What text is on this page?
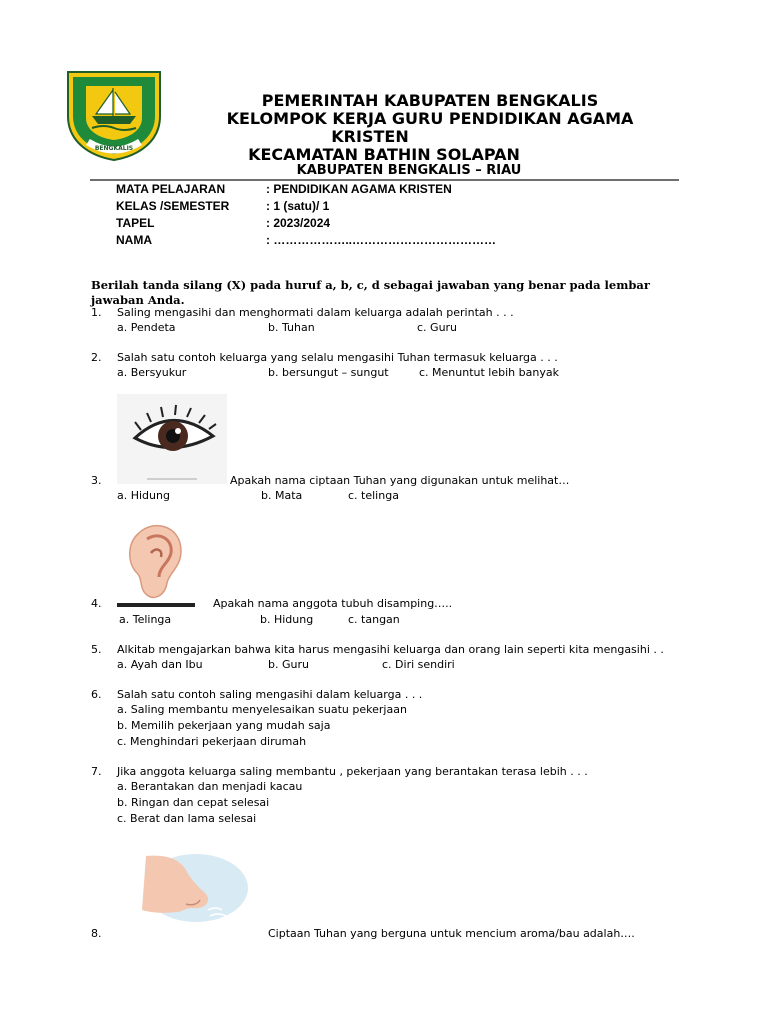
BENGKALIS
PEMERINTAH KABUPATEN BENGKALIS
KELOMPOK KERJA GURU PENDIDIKAN AGAMA
KRISTEN
KECAMATAN BATHIN SOLAPAN
KABUPATEN BENGKALIS – RIAU
MATA PELAJARAN	: PENDIDIKAN AGAMA KRISTEN
KELAS /SEMESTER	: 1 (satu)/ 1
TAPEL	: 2023/2024
NAMA	: ………………..………………………………
Berilah tanda silang (X) pada huruf a, b, c, d sebagai jawaban yang benar pada lembar jawaban Anda.
1. Saling mengasihi dan menghormati dalam keluarga adalah perintah . . .
a. Pendeta	b. Tuhan	c. Guru
2. Salah satu contoh keluarga yang selalu mengasihi Tuhan termasuk keluarga . . .
a. Bersyukur	b. bersungut – sungut	c. Menuntut lebih banyak
3.	Apakah nama ciptaan Tuhan yang digunakan untuk melihat…
a. Hidung	b. Mata	c. telinga
4.	Apakah nama anggota tubuh disamping…..
a. Telinga	b. Hidung	c. tangan
5. Alkitab mengajarkan bahwa kita harus mengasihi keluarga dan orang lain seperti kita mengasihi . .
a. Ayah dan Ibu	b. Guru	c. Diri sendiri
6. Salah satu contoh saling mengasihi dalam keluarga . . .
a. Saling membantu menyelesaikan suatu pekerjaan
b. Memilih pekerjaan yang mudah saja
c. Menghindari pekerjaan dirumah
7. Jika anggota keluarga saling membantu , pekerjaan yang berantakan terasa lebih . . .
a. Berantakan dan menjadi kacau
b. Ringan dan cepat selesai
c. Berat dan lama selesai
8.	Ciptaan Tuhan yang berguna untuk mencium aroma/bau adalah….
